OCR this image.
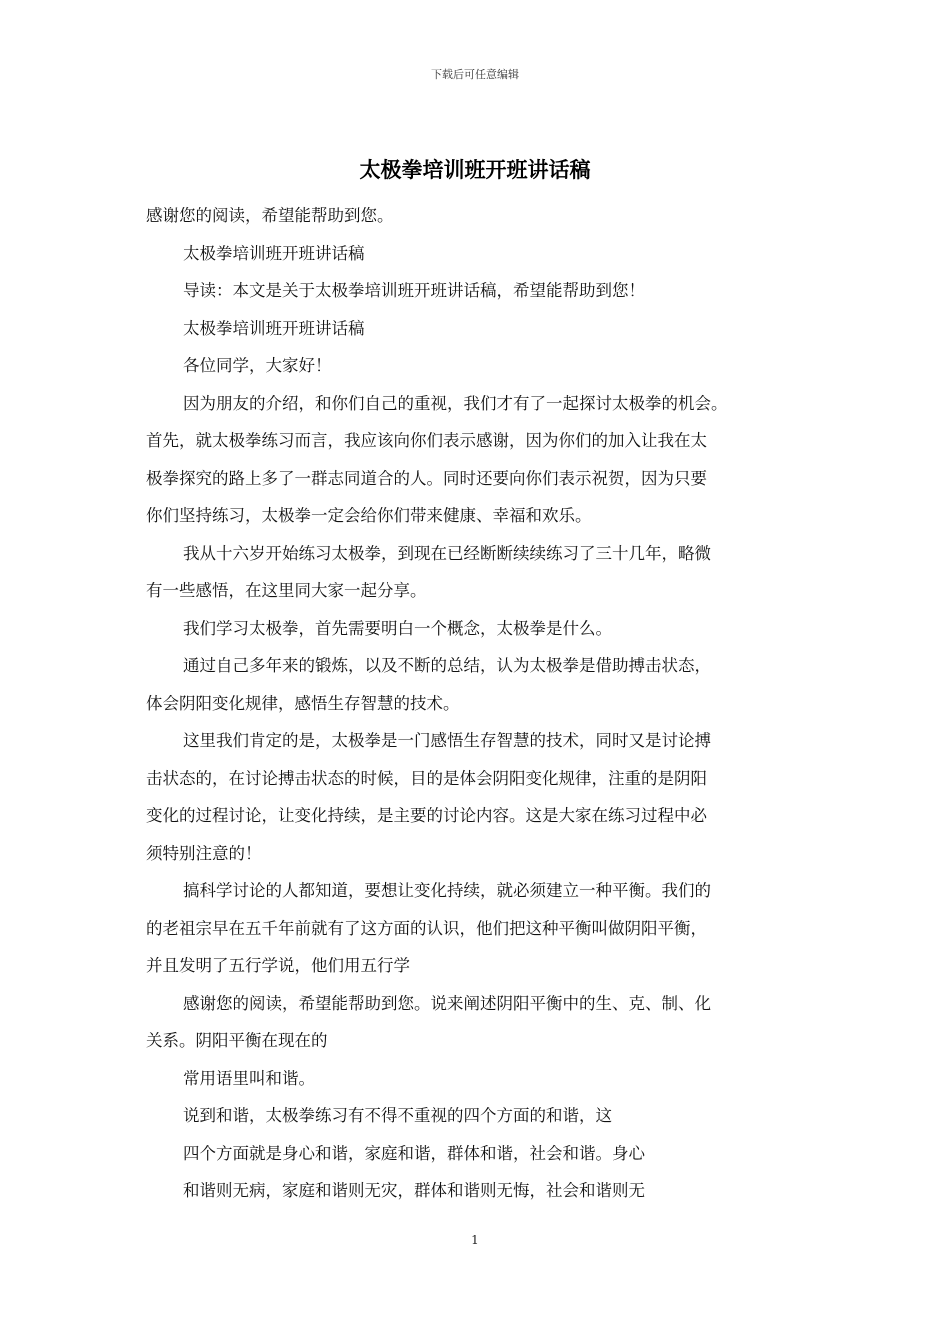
下载后可任意编辑
太极拳培训班开班讲话稿
感谢您的阅读，希望能帮助到您。
太极拳培训班开班讲话稿
导读：本文是关于太极拳培训班开班讲话稿，希望能帮助到您！
太极拳培训班开班讲话稿
各位同学，大家好！
因为朋友的介绍，和你们自己的重视，我们才有了一起探讨太极拳的机会。
首先，就太极拳练习而言，我应该向你们表示感谢，因为你们的加入让我在太
极拳探究的路上多了一群志同道合的人。同时还要向你们表示祝贺，因为只要
你们坚持练习，太极拳一定会给你们带来健康、幸福和欢乐。
我从十六岁开始练习太极拳，到现在已经断断续续练习了三十几年，略微
有一些感悟，在这里同大家一起分享。
我们学习太极拳，首先需要明白一个概念，太极拳是什么。
通过自己多年来的锻炼，以及不断的总结，认为太极拳是借助搏击状态，
体会阴阳变化规律，感悟生存智慧的技术。
这里我们肯定的是，太极拳是一门感悟生存智慧的技术，同时又是讨论搏
击状态的，在讨论搏击状态的时候，目的是体会阴阳变化规律，注重的是阴阳
变化的过程讨论，让变化持续，是主要的讨论内容。这是大家在练习过程中必
须特别注意的！
搞科学讨论的人都知道，要想让变化持续，就必须建立一种平衡。我们的
的老祖宗早在五千年前就有了这方面的认识，他们把这种平衡叫做阴阳平衡，
并且发明了五行学说，他们用五行学
感谢您的阅读，希望能帮助到您。说来阐述阴阳平衡中的生、克、制、化
关系。阴阳平衡在现在的
常用语里叫和谐。
说到和谐，太极拳练习有不得不重视的四个方面的和谐，这
四个方面就是身心和谐，家庭和谐，群体和谐，社会和谐。身心
和谐则无病，家庭和谐则无灾，群体和谐则无悔，社会和谐则无
1
